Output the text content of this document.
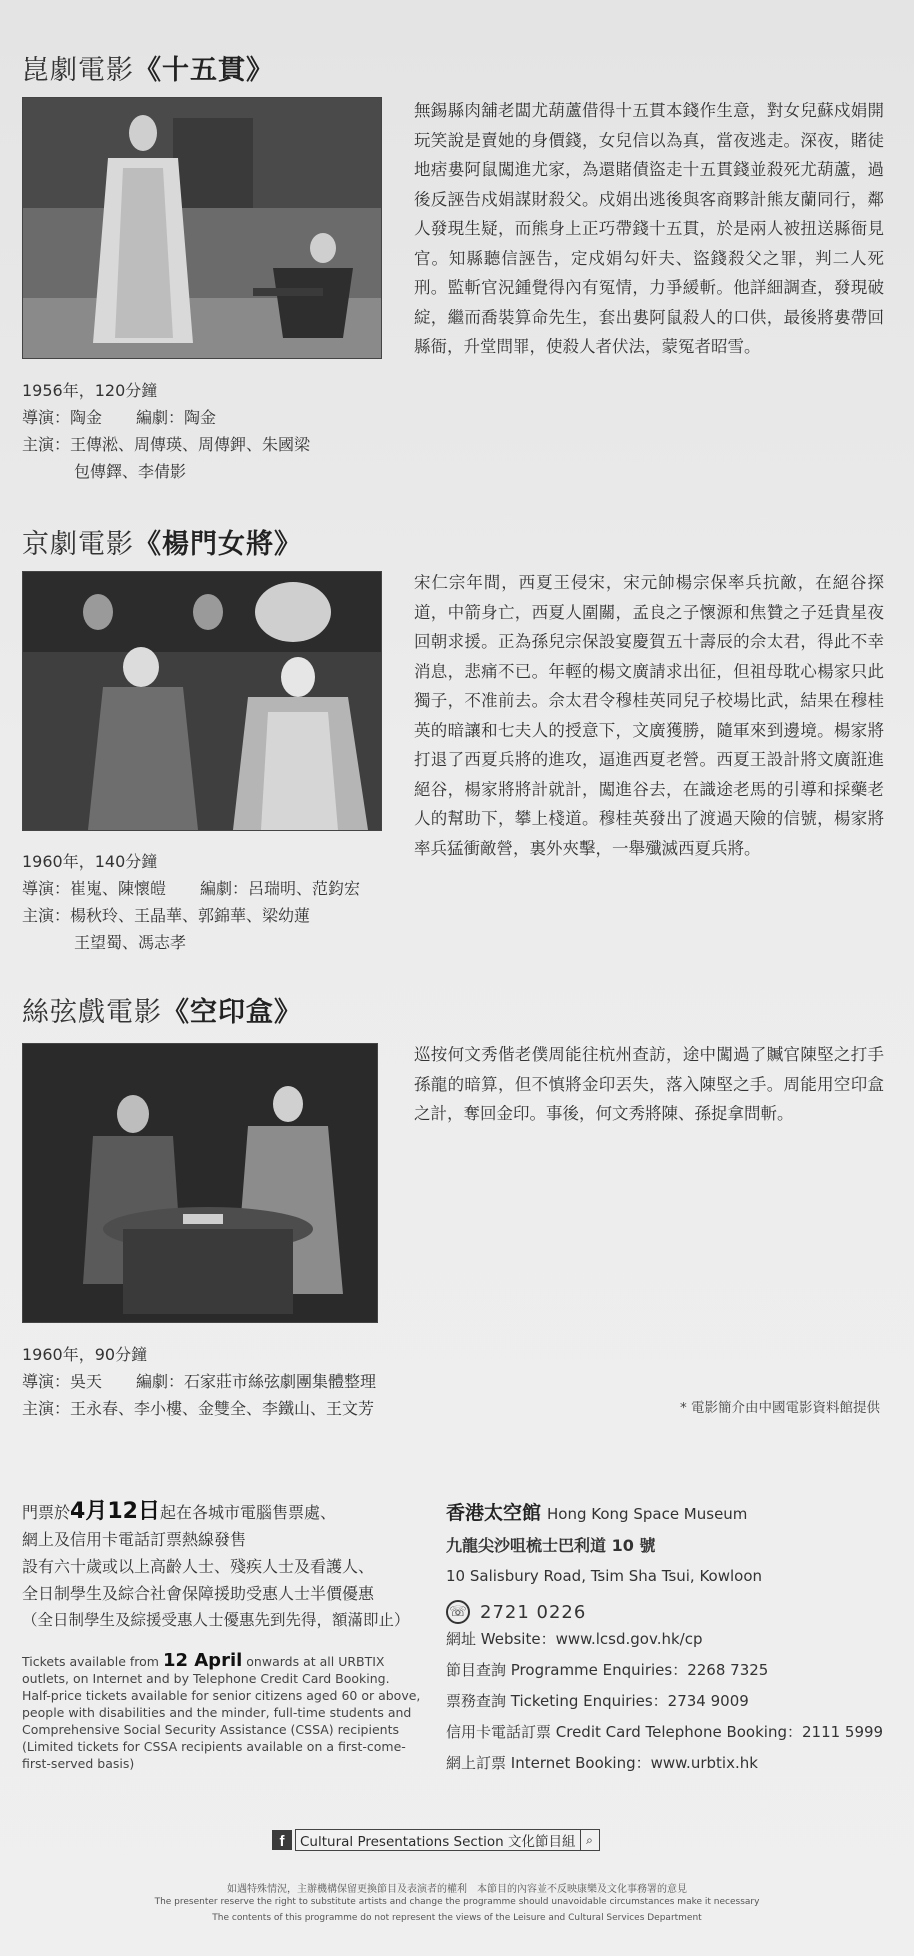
崑劇電影《十五貫》
無錫縣肉舖老闆尤葫蘆借得十五貫本錢作生意，對女兒蘇戍娟開玩笑說是賣她的身價錢，女兒信以為真，當夜逃走。深夜，賭徒地痞婁阿鼠闖進尤家，為還賭債盜走十五貫錢並殺死尤葫蘆，過後反誣告戍娟謀財殺父。戍娟出逃後與客商夥計熊友蘭同行，鄰人發現生疑，而熊身上正巧帶錢十五貫，於是兩人被扭送縣衙見官。知縣聽信誣告，定戍娟勾奸夫、盜錢殺父之罪，判二人死刑。監斬官況鍾覺得內有冤情，力爭緩斬。他詳細調查，發現破綻，繼而喬裝算命先生，套出婁阿鼠殺人的口供，最後將婁帶回縣衙，升堂問罪，使殺人者伏法，蒙冤者昭雪。
1956年，120分鐘
導演：陶金 編劇：陶金
主演：王傳淞、周傳瑛、周傳鉀、朱國梁
包傳鐸、李倩影
京劇電影《楊門女將》
宋仁宗年間，西夏王侵宋，宋元帥楊宗保率兵抗敵，在絕谷探道，中箭身亡，西夏人圍關，孟良之子懷源和焦贊之子廷貴星夜回朝求援。正為孫兒宗保設宴慶賀五十壽辰的佘太君，得此不幸消息，悲痛不已。年輕的楊文廣請求出征，但祖母耽心楊家只此獨子，不准前去。佘太君令穆桂英同兒子校場比武，結果在穆桂英的暗讓和七夫人的授意下，文廣獲勝，隨軍來到邊境。楊家將打退了西夏兵將的進攻，逼進西夏老營。西夏王設計將文廣誑進絕谷，楊家將將計就計，闖進谷去，在識途老馬的引導和採藥老人的幫助下，攀上棧道。穆桂英發出了渡過天險的信號，楊家將率兵猛衝敵營，裏外夾擊，一舉殲滅西夏兵將。
1960年，140分鐘
導演：崔嵬、陳懷皚 編劇：呂瑞明、范鈞宏
主演：楊秋玲、王晶華、郭錦華、梁幼蓮
王望蜀、馮志孝
絲弦戲電影《空印盒》
巡按何文秀偕老僕周能往杭州查訪，途中闖過了贓官陳堅之打手孫龍的暗算，但不慎將金印丟失，落入陳堅之手。周能用空印盒之計，奪回金印。事後，何文秀將陳、孫捉拿問斬。
1960年，90分鐘
導演：吳天 編劇：石家莊市絲弦劇團集體整理
主演：王永春、李小樓、金雙全、李鐵山、王文芳	* 電影簡介由中國電影資料館提供
門票於4月12日起在各城市電腦售票處、
網上及信用卡電話訂票熱線發售
設有六十歲或以上高齡人士、殘疾人士及看護人、
全日制學生及綜合社會保障援助受惠人士半價優惠
（全日制學生及綜援受惠人士優惠先到先得，額滿即止）
Tickets available from 12 April onwards at all URBTIX outlets, on Internet and by Telephone Credit Card Booking.
Half-price tickets available for senior citizens aged 60 or above, people with disabilities and the minder, full-time students and Comprehensive Social Security Assistance (CSSA) recipients
(Limited tickets for CSSA recipients available on a first-come-first-served basis)
香港太空館 Hong Kong Space Museum
九龍尖沙咀梳士巴利道 10 號
10 Salisbury Road, Tsim Sha Tsui, Kowloon
☏ 2721 0226
網址 Website：www.lcsd.gov.hk/cp
節目查詢 Programme Enquiries：2268 7325
票務查詢 Ticketing Enquiries：2734 9009
信用卡電話訂票 Credit Card Telephone Booking：2111 5999
網上訂票 Internet Booking：www.urbtix.hk
f	Cultural Presentations Section 文化節目組 ⌕
如遇特殊情況，主辦機構保留更換節目及表演者的權利　本節目的內容並不反映康樂及文化事務署的意見
The presenter reserve the right to substitute artists and change the programme should unavoidable circumstances make it necessary
The contents of this programme do not represent the views of the Leisure and Cultural Services Department
